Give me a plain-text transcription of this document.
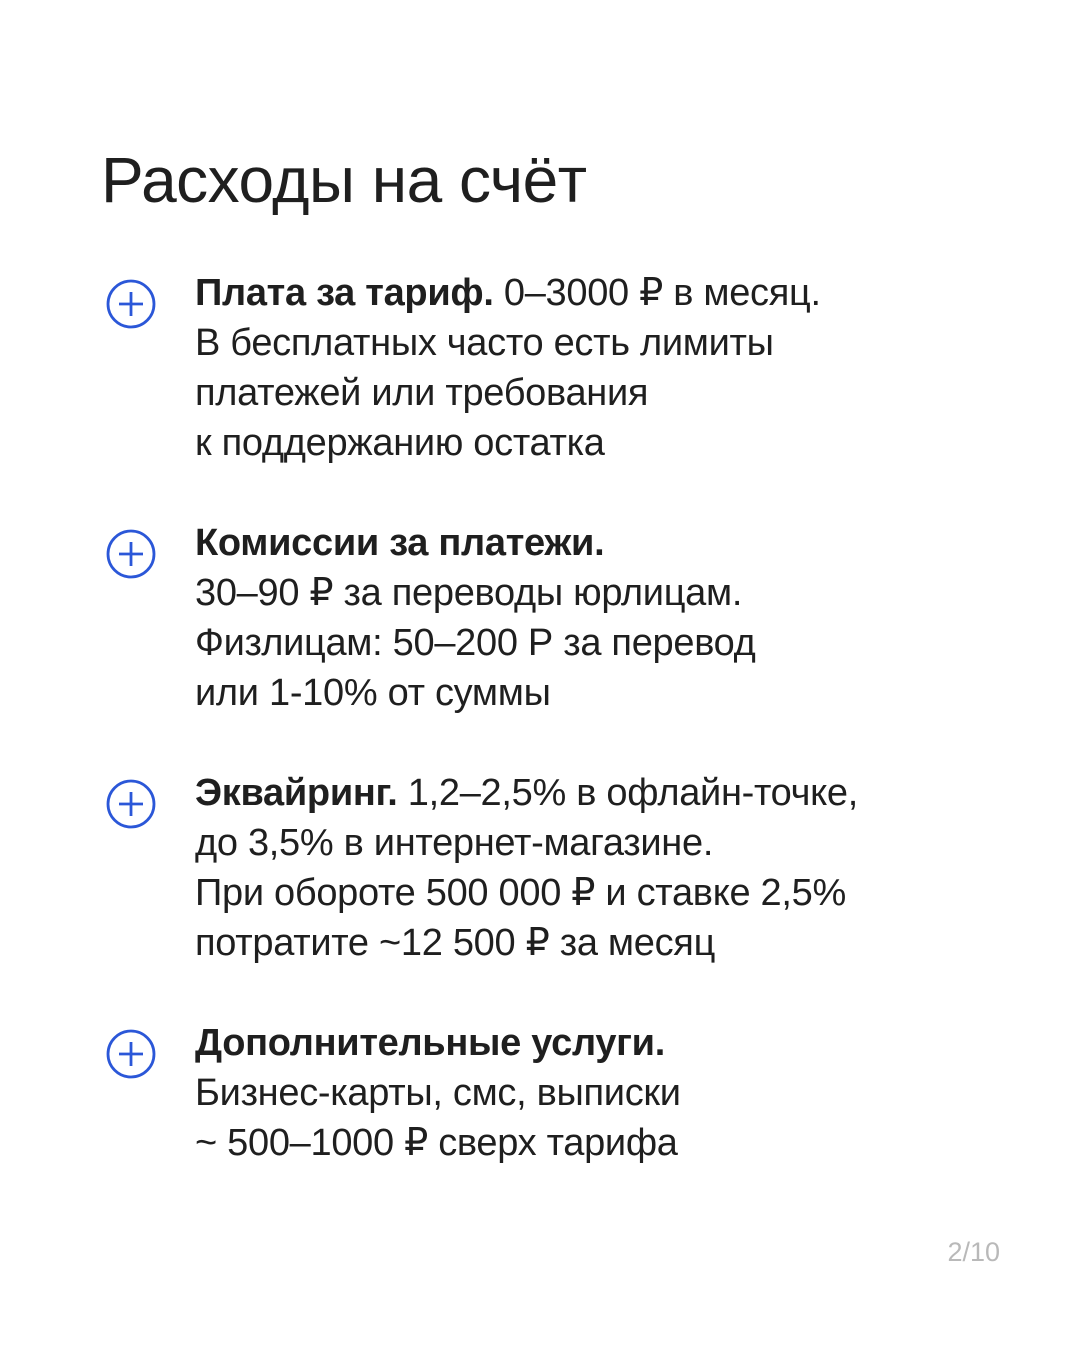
Расходы на счёт
Плата за тариф. 0–3000 ₽ в месяц.
В бесплатных часто есть лимиты
платежей или требования
к поддержанию остатка
Комиссии за платежи.
30–90 ₽ за переводы юрлицам.
Физлицам: 50–200 Р за перевод
или 1-10% от суммы
Эквайринг. 1,2–2,5% в офлайн-точке,
до 3,5% в интернет-магазине.
При обороте 500 000 ₽ и ставке 2,5%
потратите ~12 500 ₽ за месяц
Дополнительные услуги.
Бизнес-карты, смс, выписки
~ 500–1000 ₽ сверх тарифа
2/10
